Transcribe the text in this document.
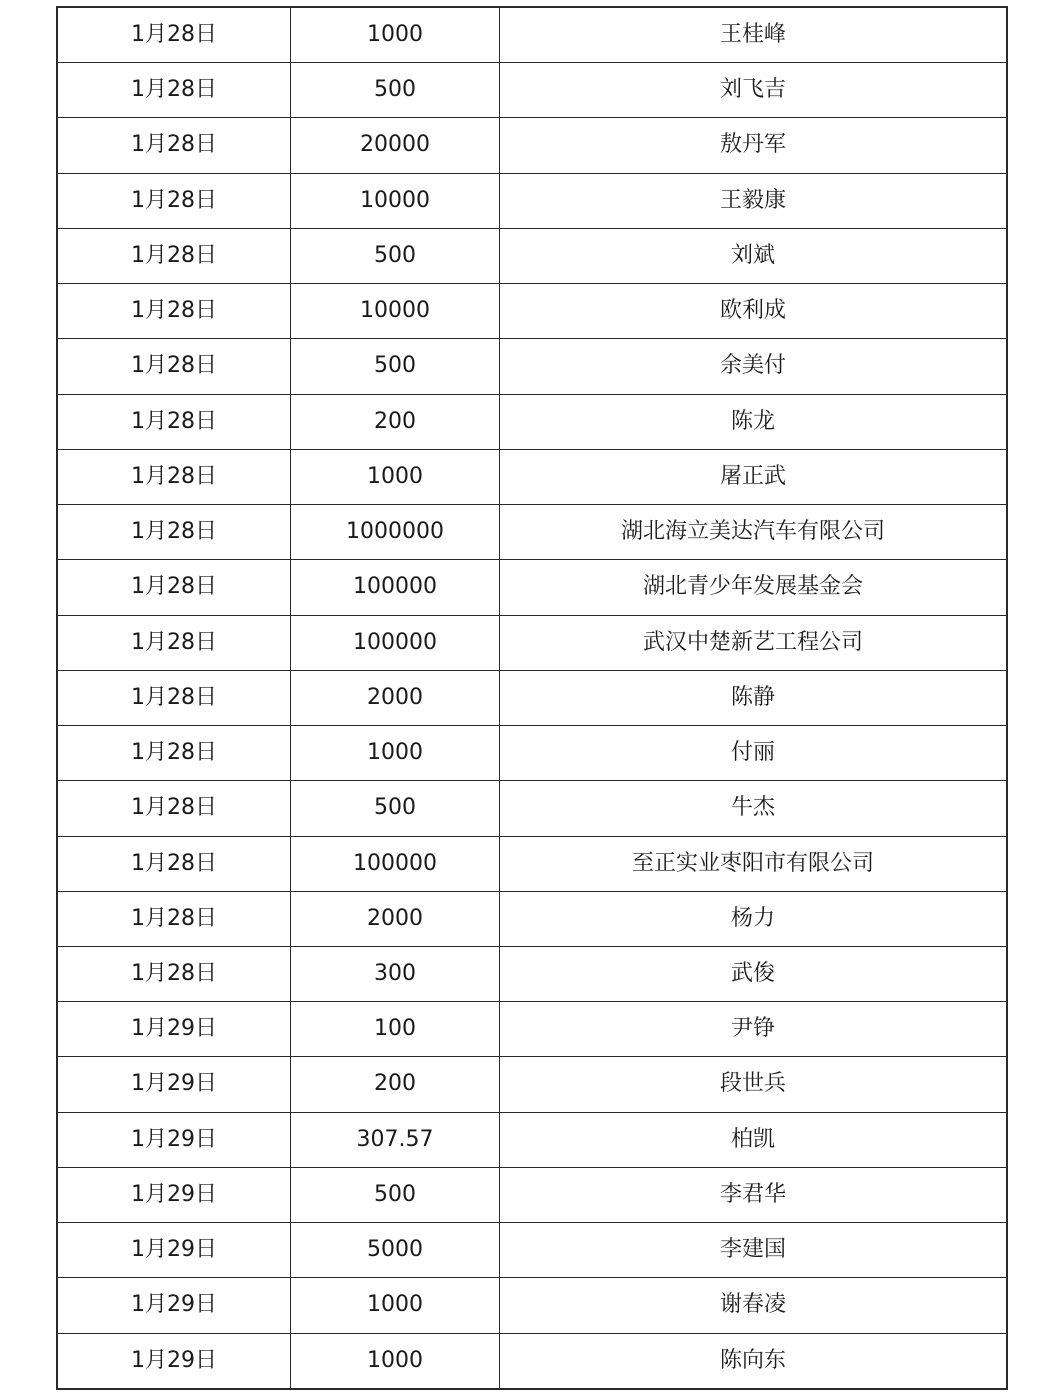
1月28日	1000	王桂峰
1月28日	500	刘飞吉
1月28日	20000	敖丹军
1月28日	10000	王毅康
1月28日	500	刘斌
1月28日	10000	欧利成
1月28日	500	余美付
1月28日	200	陈龙
1月28日	1000	屠正武
1月28日	1000000	湖北海立美达汽车有限公司
1月28日	100000	湖北青少年发展基金会
1月28日	100000	武汉中楚新艺工程公司
1月28日	2000	陈静
1月28日	1000	付丽
1月28日	500	牛杰
1月28日	100000	至正实业枣阳市有限公司
1月28日	2000	杨力
1月28日	300	武俊
1月29日	100	尹铮
1月29日	200	段世兵
1月29日	307.57	柏凯
1月29日	500	李君华
1月29日	5000	李建国
1月29日	1000	谢春凌
1月29日	1000	陈向东
